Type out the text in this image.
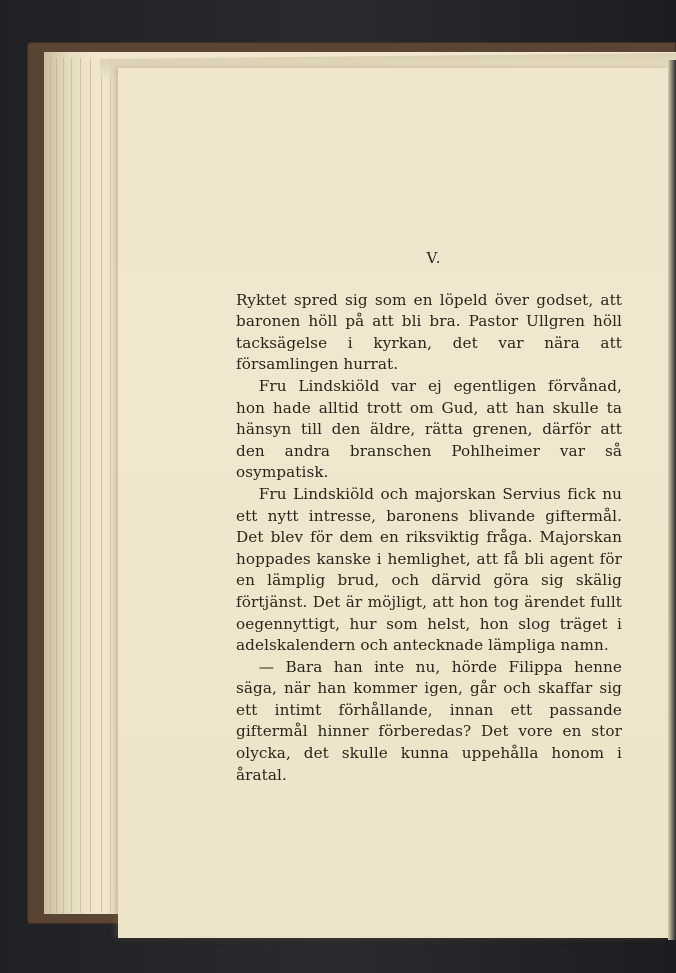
V.

Ryktet spred sig som en löpeld över godset, att baronen höll på att bli bra. Pastor Ullgren höll tacksägelse i kyrkan, det var nära att församlingen hurrat.

Fru Lindskiöld var ej egentligen förvånad, hon hade alltid trott om Gud, att han skulle ta hänsyn till den äldre, rätta grenen, därför att den andra branschen Pohlheimer var så osympatisk.

Fru Lindskiöld och majorskan Servius fick nu ett nytt intresse, baronens blivande giftermål. Det blev för dem en riksviktig fråga. Majorskan hoppades kanske i hemlighet, att få bli agent för en lämplig brud, och därvid göra sig skälig förtjänst. Det är möjligt, att hon tog ärendet fullt oegennyttigt, hur som helst, hon slog träget i adelskalendern och antecknade lämpliga namn.

— Bara han inte nu, hörde Filippa henne säga, när han kommer igen, går och skaffar sig ett intimt förhållande, innan ett passande giftermål hinner förberedas? Det vore en stor olycka, det skulle kunna uppehålla honom i åratal.
